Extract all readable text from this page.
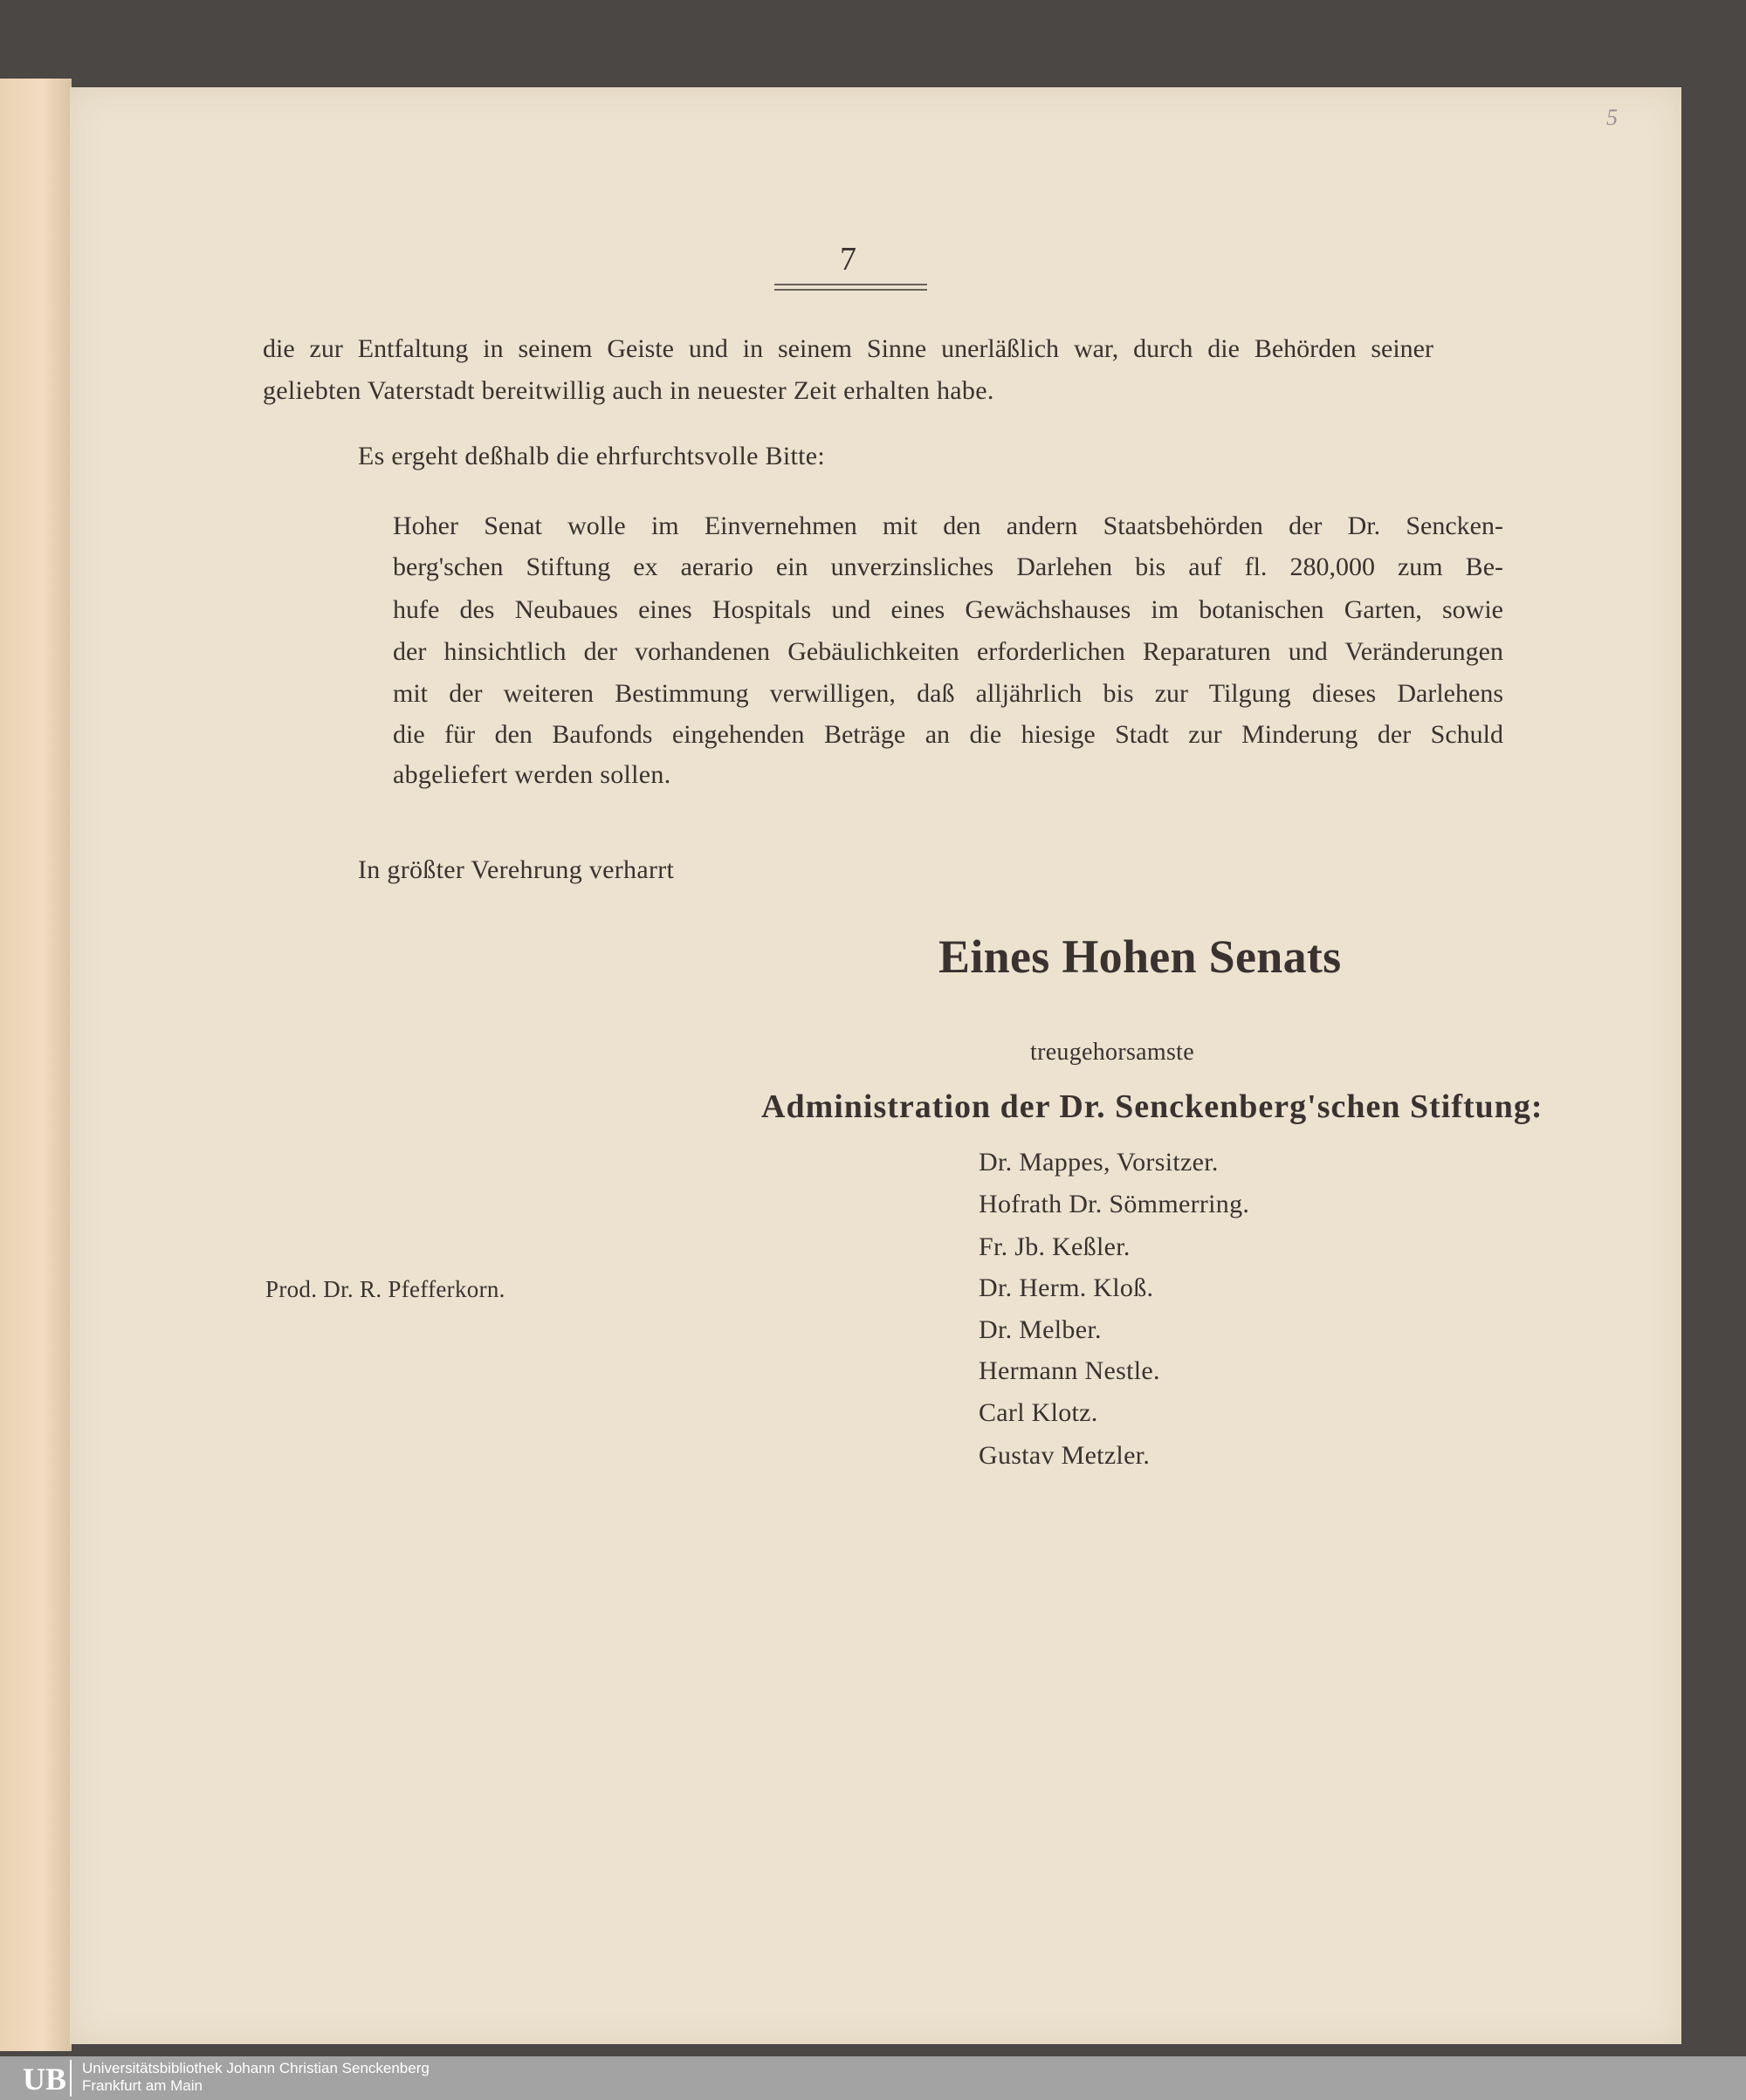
5
7
die zur Entfaltung in seinem Geiste und in seinem Sinne unerläßlich war, durch die Behörden seiner
geliebten Vaterstadt bereitwillig auch in neuester Zeit erhalten habe.
Es ergeht deßhalb die ehrfurchtsvolle Bitte:
Hoher Senat wolle im Einvernehmen mit den andern Staatsbehörden der Dr. Sencken-
berg'schen Stiftung ex aerario ein unverzinsliches Darlehen bis auf fl. 280,000 zum Be-
hufe des Neubaues eines Hospitals und eines Gewächshauses im botanischen Garten, sowie
der hinsichtlich der vorhandenen Gebäulichkeiten erforderlichen Reparaturen und Veränderungen
mit der weiteren Bestimmung verwilligen, daß alljährlich bis zur Tilgung dieses Darlehens
die für den Baufonds eingehenden Beträge an die hiesige Stadt zur Minderung der Schuld
abgeliefert werden sollen.
In größter Verehrung verharrt
Eines Hohen Senats
treugehorsamste
Administration der Dr. Senckenberg'schen Stiftung:
Dr. Mappes, Vorsitzer.
Hofrath Dr. Sömmerring.
Fr. Jb. Keßler.
Dr. Herm. Kloß.
Dr. Melber.
Hermann Nestle.
Carl Klotz.
Gustav Metzler.
Prod. Dr. R. Pfefferkorn.
UB	Universitätsbibliothek Johann Christian Senckenberg
Frankfurt am Main
